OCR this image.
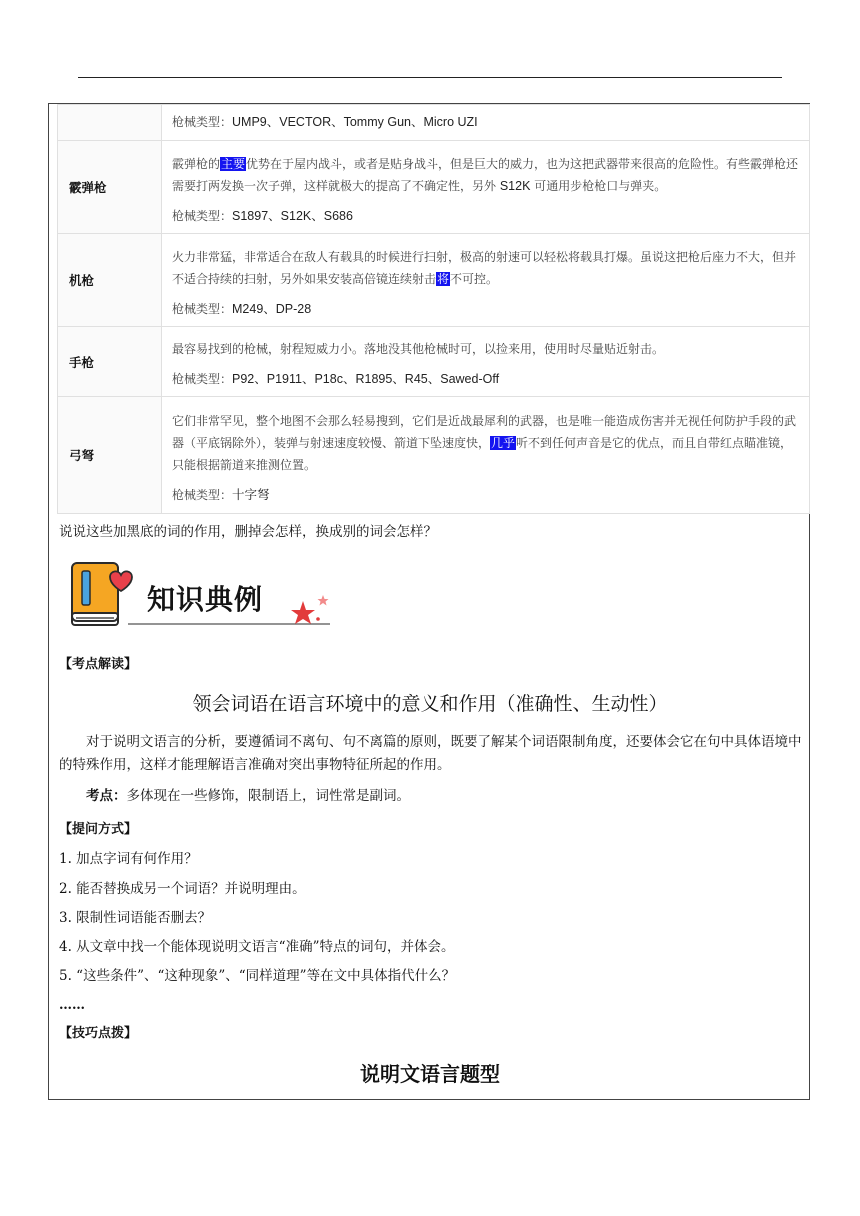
	枪械类型：UMP9、VECTOR、Tommy Gun、Micro UZI

霰弹枪	霰弹枪的主要优势在于屋内战斗，或者是贴身战斗，但是巨大的威力，也为这把武器带来很高的危险性。有些霰弹枪还需要打两发换一次子弹，这样就极大的提高了不确定性，另外 S12K 可通用步枪枪口与弹夹。

枪械类型：S1897、S12K、S686

机枪	火力非常猛，非常适合在敌人有载具的时候进行扫射，极高的射速可以轻松将载具打爆。虽说这把枪后座力不大，但并不适合持续的扫射，另外如果安装高倍镜连续射击将不可控。

枪械类型：M249、DP-28

手枪	最容易找到的枪械，射程短威力小。落地没其他枪械时可，以捡来用，使用时尽量贴近射击。

枪械类型：P92、P1911、P18c、R1895、R45、Sawed-Off

弓弩	它们非常罕见，整个地图不会那么轻易搜到，它们是近战最犀利的武器，也是唯一能造成伤害并无视任何防护手段的武器（平底锅除外），装弹与射速速度较慢、箭道下坠速度快，几乎听不到任何声音是它的优点，而且自带红点瞄准镜，只能根据箭道来推测位置。

枪械类型：十字弩

说说这些加黑底的词的作用，删掉会怎样，换成别的词会怎样？
知识典例
【考点解读】
领会词语在语言环境中的意义和作用（准确性、生动性）
对于说明文语言的分析，要遵循词不离句、句不离篇的原则，既要了解某个词语限制角度，还要体会它在句中具体语境中的特殊作用，这样才能理解语言准确对突出事物特征所起的作用。
考点：多体现在一些修饰，限制语上，词性常是副词。
【提问方式】
1. 加点字词有何作用？
2. 能否替换成另一个词语？并说明理由。
3. 限制性词语能否删去？
4. 从文章中找一个能体现说明文语言“准确”特点的词句，并体会。
5. “这些条件”、“这种现象”、“同样道理”等在文中具体指代什么？
……
【技巧点拨】
说明文语言题型
